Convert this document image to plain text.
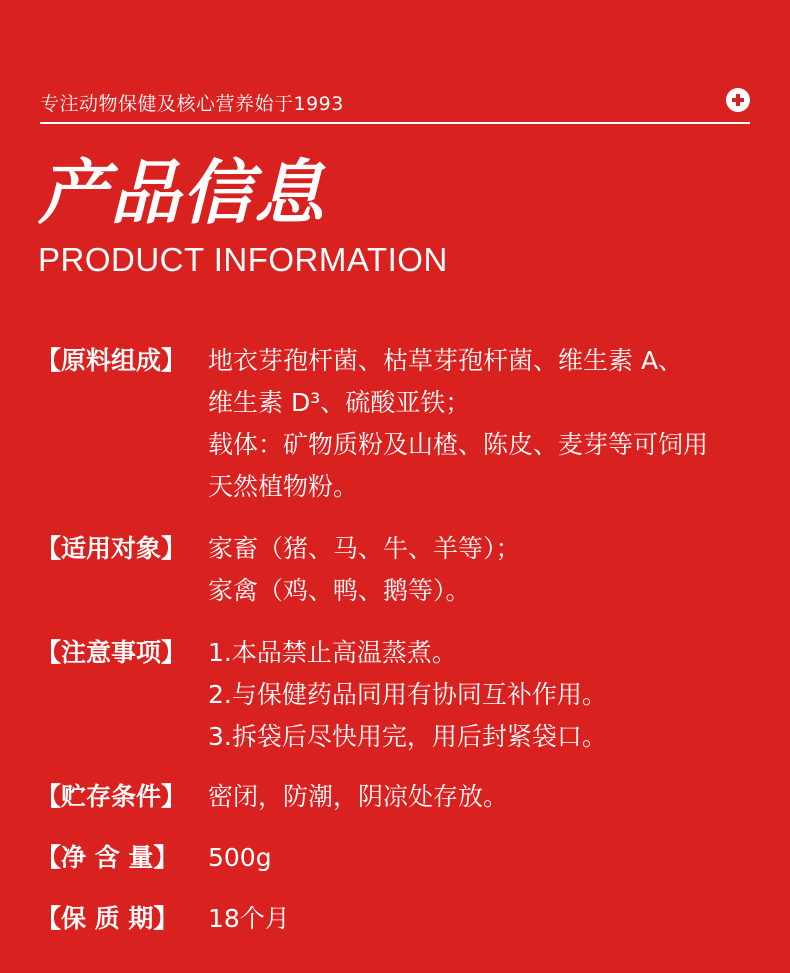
专注动物保健及核心营养始于1993
产品信息
PRODUCT INFORMATION
【原料组成】 地衣芽孢杆菌、枯草芽孢杆菌、维生素 A、
维生素 D³、硫酸亚铁；
载体：矿物质粉及山楂、陈皮、麦芽等可饲用
天然植物粉。
【适用对象】 家畜（猪、马、牛、羊等）；
家禽（鸡、鸭、鹅等）。
【注意事项】 1.本品禁止高温蒸煮。
2.与保健药品同用有协同互补作用。
3.拆袋后尽快用完，用后封紧袋口。
【贮存条件】 密闭，防潮，阴凉处存放。
【净 含 量】 500g
【保 质 期】 18个月
